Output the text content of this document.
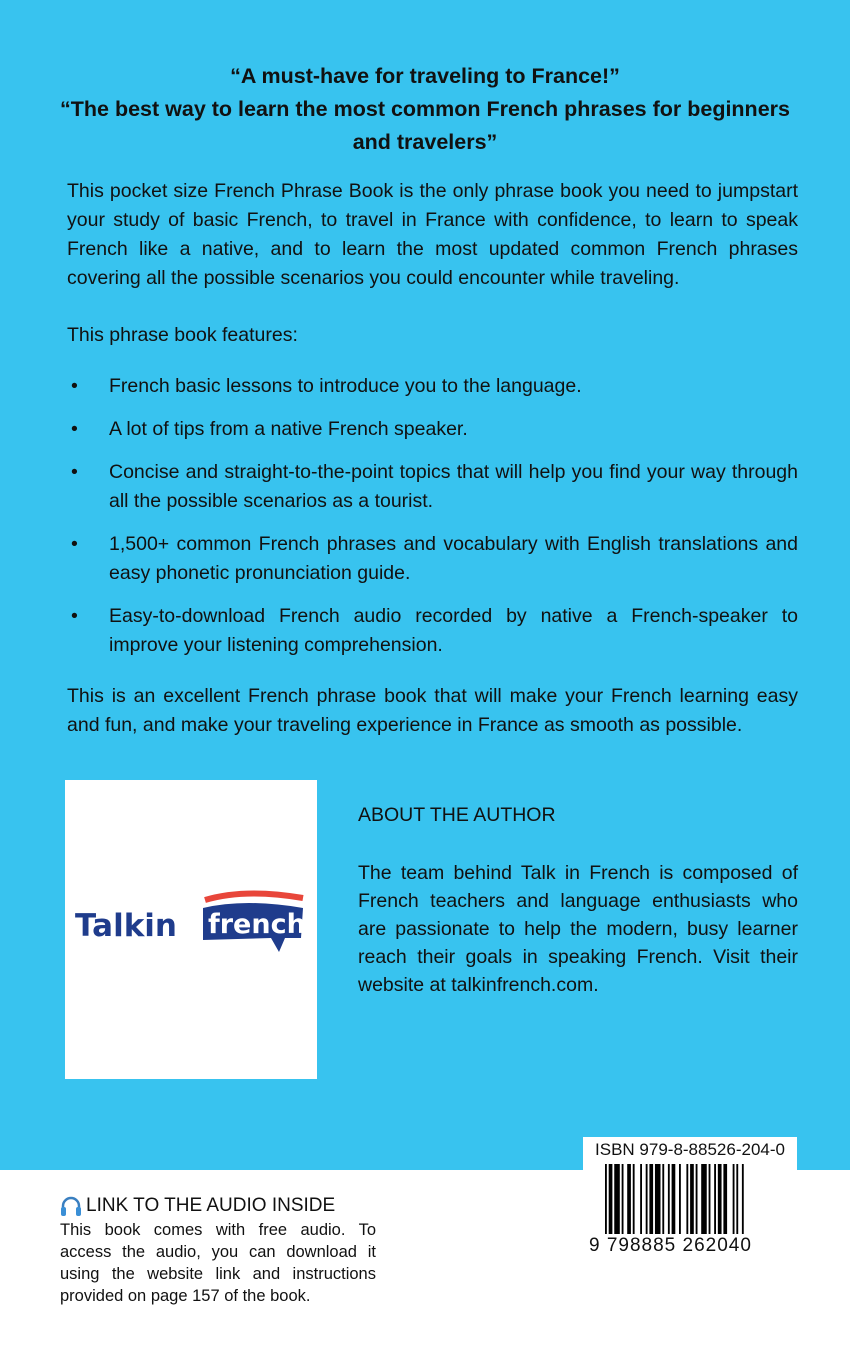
“A must-have for traveling to France!”
“The best way to learn the most common French phrases for beginners and travelers”

This pocket size French Phrase Book is the only phrase book you need to jumpstart your study of basic French, to travel in France with confidence, to learn to speak French like a native, and to learn the most updated common French phrases covering all the possible scenarios you could encounter while traveling.

This phrase book features:

• French basic lessons to introduce you to the language.
• A lot of tips from a native French speaker.
• Concise and straight-to-the-point topics that will help you find your way through all the possible scenarios as a tourist.
• 1,500+ common French phrases and vocabulary with English translations and easy phonetic pronunciation guide.
• Easy-to-download French audio recorded by native a French-speaker to improve your listening comprehension.

This is an excellent French phrase book that will make your French learning easy and fun, and make your traveling experience in France as smooth as possible.

Talkin french
ABOUT THE AUTHOR
The team behind Talk in French is composed of French teachers and language enthusiasts who are passionate to help the modern, busy learner reach their goals in speaking French. Visit their website at talkinfrench.com.
LINK TO THE AUDIO INSIDE

This book comes with free audio. To access the audio, you can download it using the website link and instructions provided on page 157 of the book.

ISBN 979-8-88526-204-0
9 798885 262040
